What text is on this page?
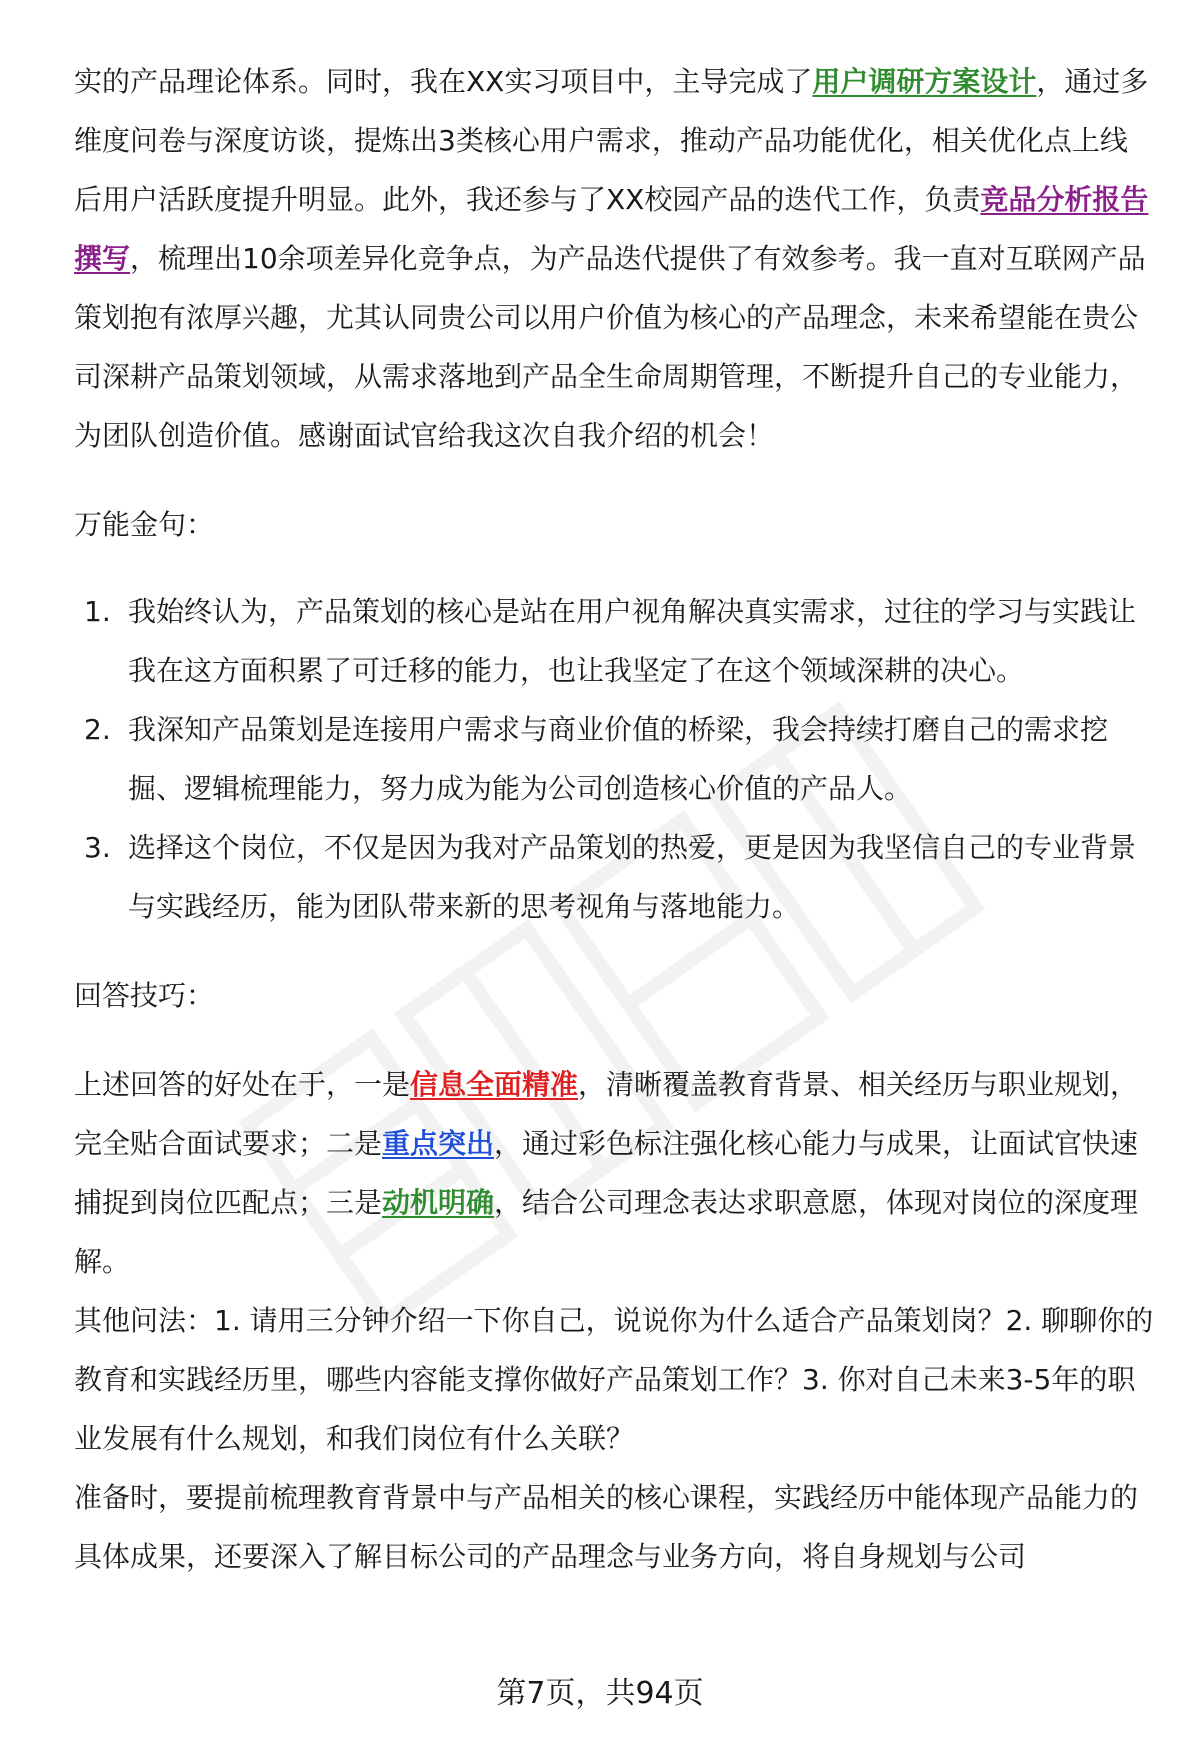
实的产品理论体系。同时，我在XX实习项目中，主导完成了用户调研方案设计，通过多维度问卷与深度访谈，提炼出3类核心用户需求，推动产品功能优化，相关优化点上线后用户活跃度提升明显。此外，我还参与了XX校园产品的迭代工作，负责竞品分析报告撰写，梳理出10余项差异化竞争点，为产品迭代提供了有效参考。我一直对互联网产品策划抱有浓厚兴趣，尤其认同贵公司以用户价值为核心的产品理念，未来希望能在贵公司深耕产品策划领域，从需求落地到产品全生命周期管理，不断提升自己的专业能力，为团队创造价值。感谢面试官给我这次自我介绍的机会！

万能金句：

1. 我始终认为，产品策划的核心是站在用户视角解决真实需求，过往的学习与实践让我在这方面积累了可迁移的能力，也让我坚定了在这个领域深耕的决心。
2. 我深知产品策划是连接用户需求与商业价值的桥梁，我会持续打磨自己的需求挖掘、逻辑梳理能力，努力成为能为公司创造核心价值的产品人。
3. 选择这个岗位，不仅是因为我对产品策划的热爱，更是因为我坚信自己的专业背景与实践经历，能为团队带来新的思考视角与落地能力。

回答技巧：

上述回答的好处在于，一是信息全面精准，清晰覆盖教育背景、相关经历与职业规划，完全贴合面试要求；二是重点突出，通过彩色标注强化核心能力与成果，让面试官快速捕捉到岗位匹配点；三是动机明确，结合公司理念表达求职意愿，体现对岗位的深度理解。

其他问法：1. 请用三分钟介绍一下你自己，说说你为什么适合产品策划岗？2. 聊聊你的教育和实践经历里，哪些内容能支撑你做好产品策划工作？3. 你对自己未来3-5年的职业发展有什么规划，和我们岗位有什么关联？

准备时，要提前梳理教育背景中与产品相关的核心课程，实践经历中能体现产品能力的具体成果，还要深入了解目标公司的产品理念与业务方向，将自身规划与公司

第7页，共94页
